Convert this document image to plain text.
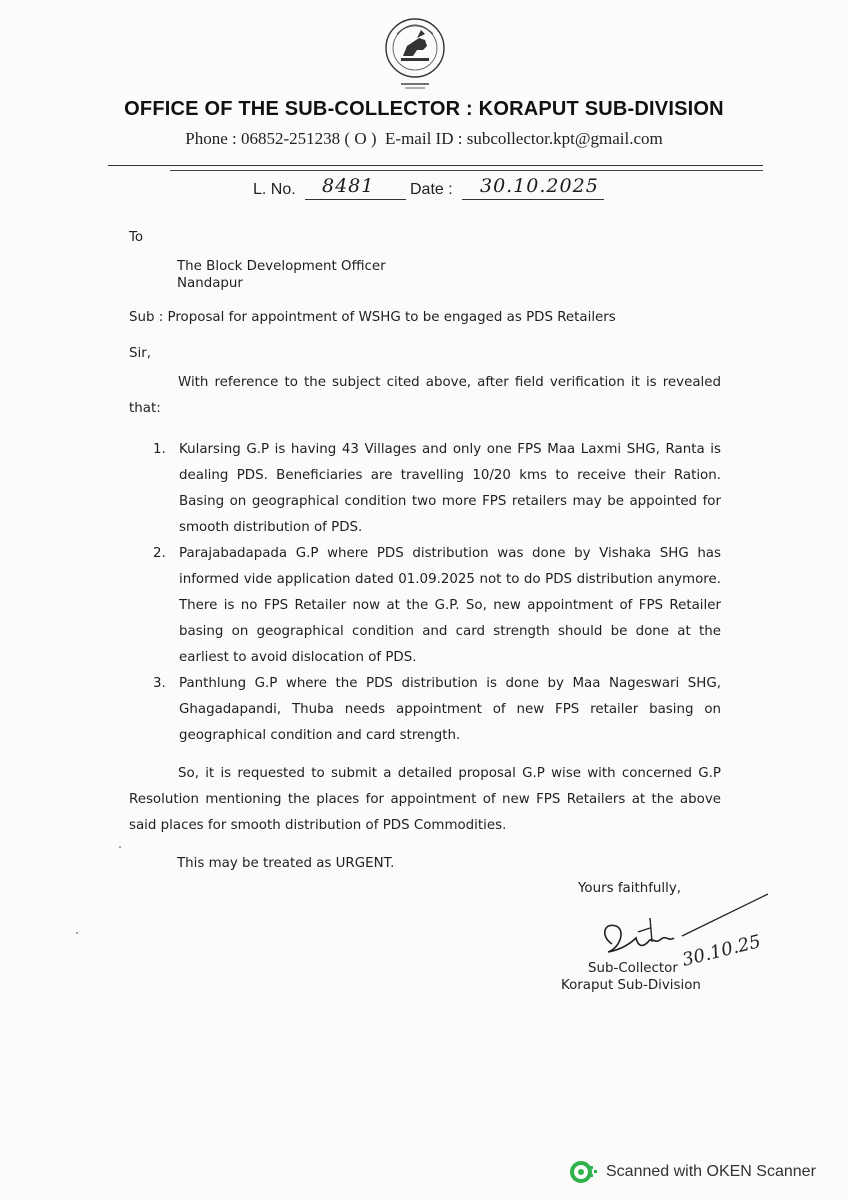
OFFICE OF THE SUB-COLLECTOR : KORAPUT SUB-DIVISION
Phone : 06852-251238 ( O ) E-mail ID : subcollector.kpt@gmail.com
L. No. 8481 Date : 30.10.2025
To
The Block Development Officer
Nandapur
Sub : Proposal for appointment of WSHG to be engaged as PDS Retailers
Sir,
With reference to the subject cited above, after field verification it is revealed that:
1. Kularsing G.P is having 43 Villages and only one FPS Maa Laxmi SHG, Ranta is dealing PDS. Beneficiaries are travelling 10/20 kms to receive their Ration. Basing on geographical condition two more FPS retailers may be appointed for smooth distribution of PDS.
2. Parajabadapada G.P where PDS distribution was done by Vishaka SHG has informed vide application dated 01.09.2025 not to do PDS distribution anymore. There is no FPS Retailer now at the G.P. So, new appointment of FPS Retailer basing on geographical condition and card strength should be done at the earliest to avoid dislocation of PDS.
3. Panthlung G.P where the PDS distribution is done by Maa Nageswari SHG, Ghagadapandi, Thuba needs appointment of new FPS retailer basing on geographical condition and card strength.
So, it is requested to submit a detailed proposal G.P wise with concerned G.P Resolution mentioning the places for appointment of new FPS Retailers at the above said places for smooth distribution of PDS Commodities.
This may be treated as URGENT.
Yours faithfully,
30.10.25
Sub-Collector
Koraput Sub-Division
Scanned with OKEN Scanner
